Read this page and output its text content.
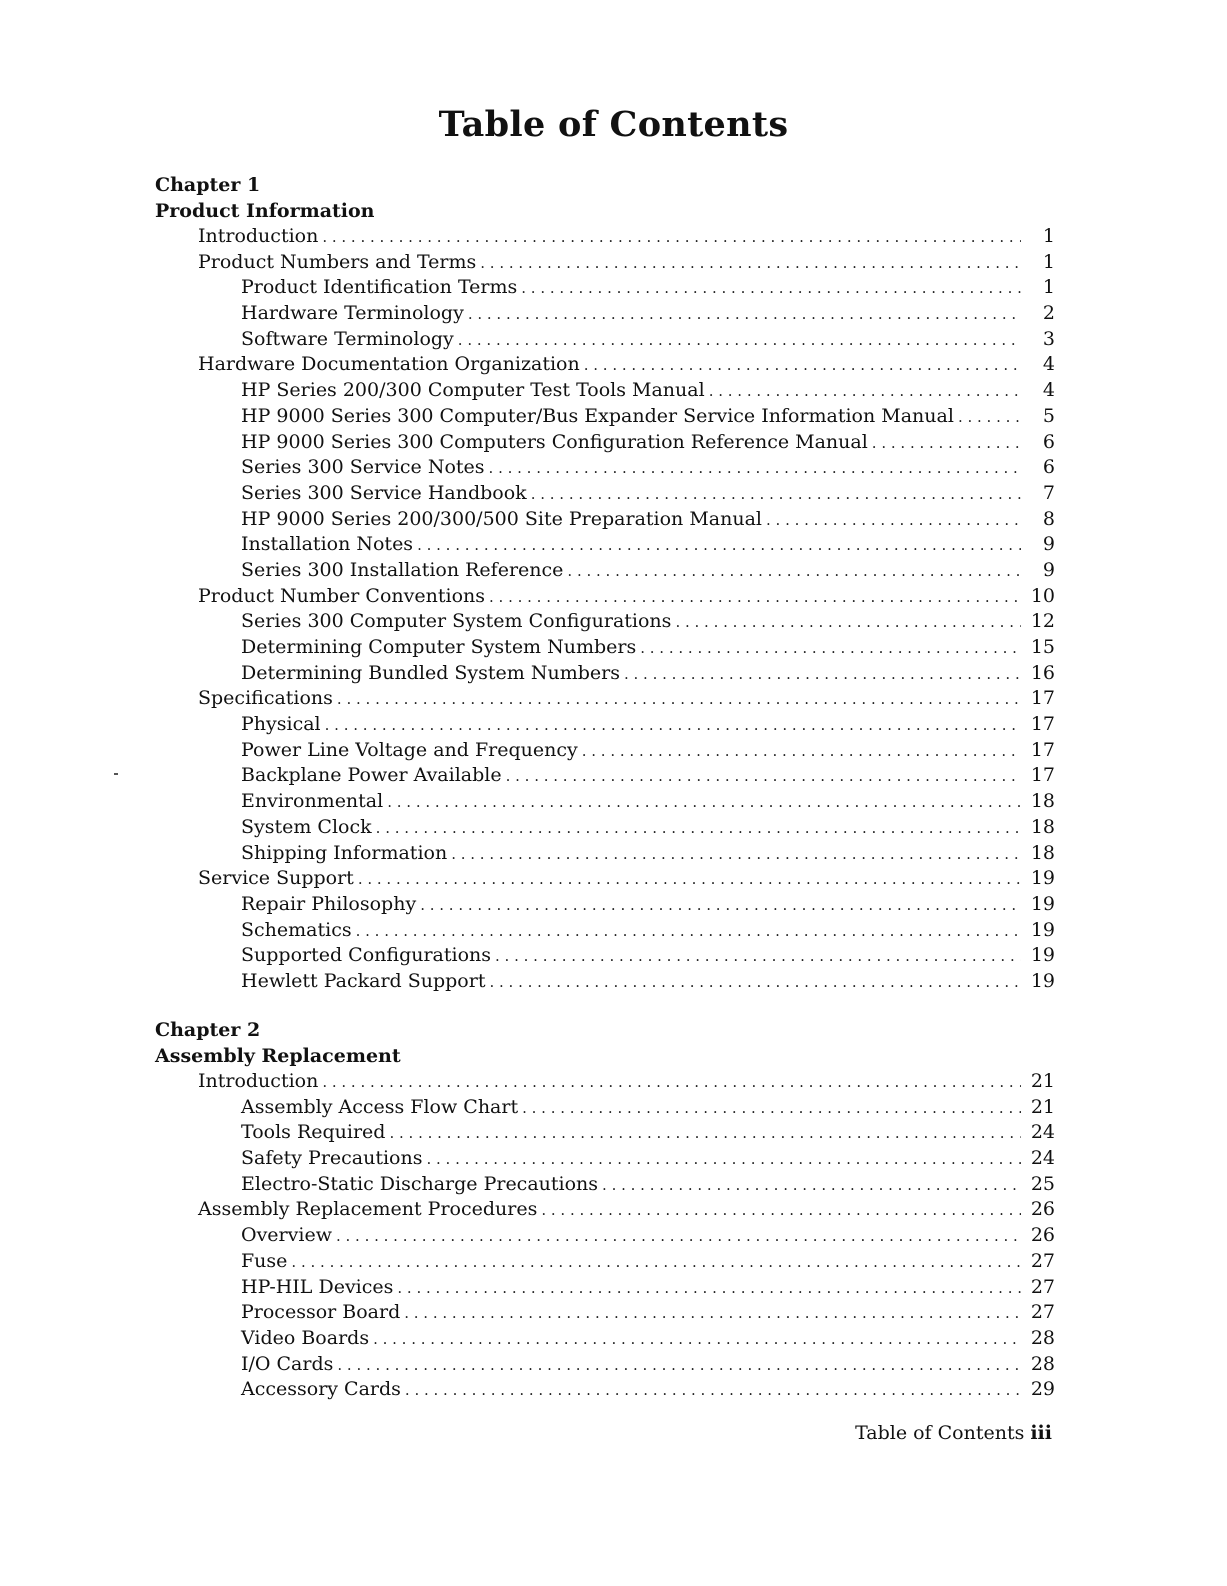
Table of Contents
Chapter 1
Product Information
Introduction . . .	1
Product Numbers and Terms . . .	1
Product Identification Terms . . .	1
Hardware Terminology . . .	2
Software Terminology . . .	3
Hardware Documentation Organization . . .	4
HP Series 200/300 Computer Test Tools Manual . . .	4
HP 9000 Series 300 Computer/Bus Expander Service Information Manual . . .	5
HP 9000 Series 300 Computers Configuration Reference Manual . . .	6
Series 300 Service Notes . . .	6
Series 300 Service Handbook . . .	7
HP 9000 Series 200/300/500 Site Preparation Manual . . .	8
Installation Notes . . .	9
Series 300 Installation Reference . . .	9
Product Number Conventions . . .	10
Series 300 Computer System Configurations . . .	12
Determining Computer System Numbers . . .	15
Determining Bundled System Numbers . . .	16
Specifications . . .	17
Physical . . .	17
Power Line Voltage and Frequency . . .	17
Backplane Power Available . . .	17
Environmental . . .	18
System Clock . . .	18
Shipping Information . . .	18
Service Support . . .	19
Repair Philosophy . . .	19
Schematics . . .	19
Supported Configurations . . .	19
Hewlett Packard Support . . .	19
Chapter 2
Assembly Replacement
Introduction . . .	21
Assembly Access Flow Chart . . .	21
Tools Required . . .	24
Safety Precautions . . .	24
Electro-Static Discharge Precautions . . .	25
Assembly Replacement Procedures . . .	26
Overview . . .	26
Fuse . . .	27
HP-HIL Devices . . .	27
Processor Board . . .	27
Video Boards . . .	28
I/O Cards . . .	28
Accessory Cards . . .	29
Table of Contents iii
